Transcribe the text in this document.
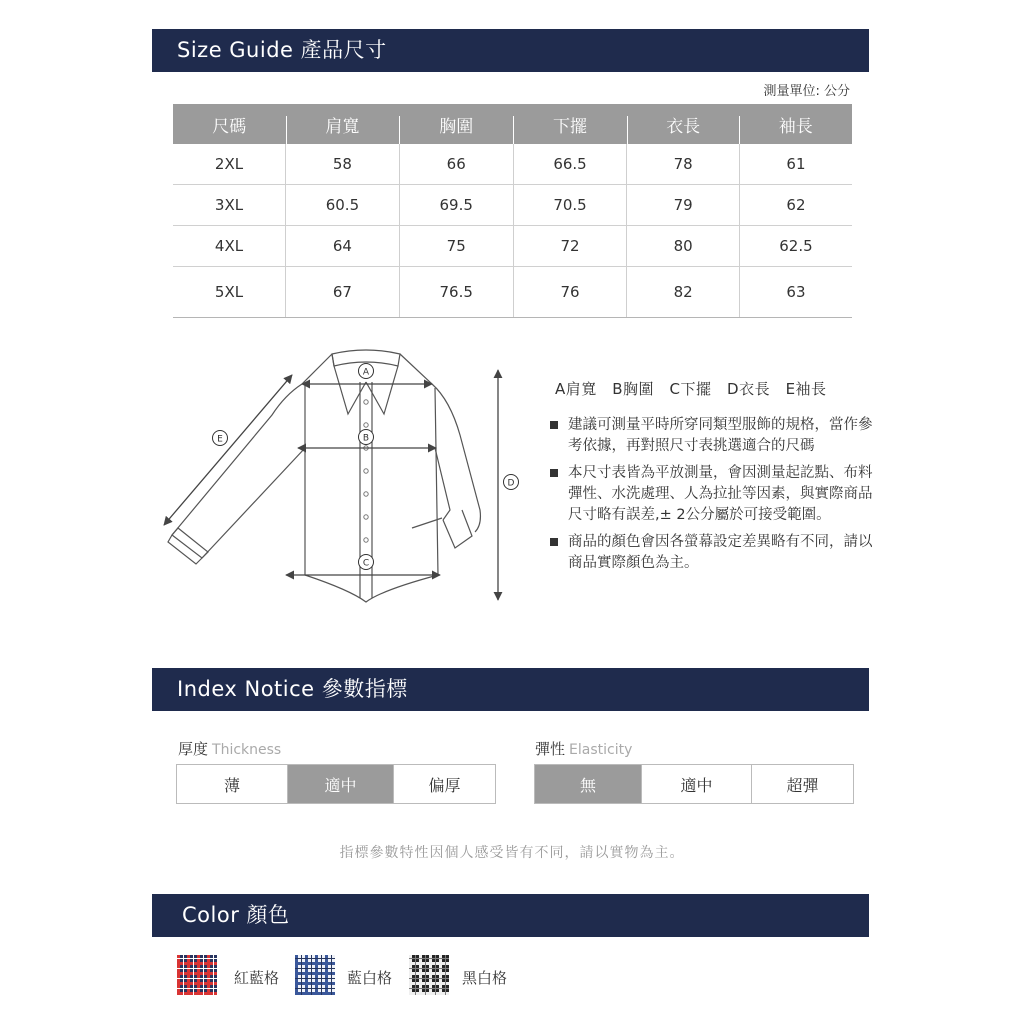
Size Guide 產品尺寸
測量單位: 公分
尺碼	肩寬	胸圍	下擺	衣長	袖長
2XL	58	66	66.5	78	61
3XL	60.5	69.5	70.5	79	62
4XL	64	75	72	80	62.5
5XL	67	76.5	76	82	63
A
B
C
D
E
A肩寬　B胸圍　C下擺　D衣長　E袖長
建議可測量平時所穿同類型服飾的規格，當作參考依據，再對照尺寸表挑選適合的尺碼
本尺寸表皆為平放測量，會因測量起訖點、布料彈性、水洗處理、人為拉扯等因素，與實際商品尺寸略有誤差,± 2公分屬於可接受範圍。
商品的顏色會因各螢幕設定差異略有不同，請以商品實際顏色為主。
Index Notice 參數指標
厚度 Thickness
薄	適中	偏厚
彈性 Elasticity
無	適中	超彈
指標參數特性因個人感受皆有不同，請以實物為主。
Color 顏色
紅藍格	藍白格	黑白格
